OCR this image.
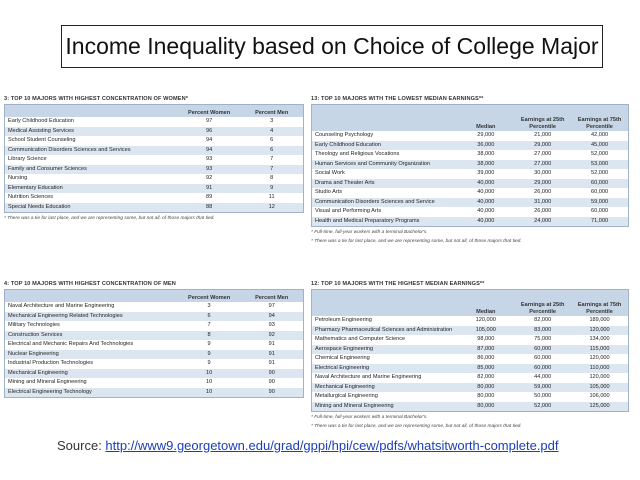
Income Inequality based on Choice of College Major
3: TOP 10 MAJORS WITH HIGHEST CONCENTRATION OF WOMEN*
	Percent Women	Percent Men
Early Childhood Education	97	3
Medical Assisting Services	96	4
School Student Counseling	94	6
Communication Disorders Sciences and Services	94	6
Library Science	93	7
Family and Consumer Sciences	93	7
Nursing	92	8
Elementary Education	91	9
Nutrition Sciences	89	11
Special Needs Education	88	12
* There was a tie for last place, and we are representing some, but not all, of those majors that tied.
4: TOP 10 MAJORS WITH HIGHEST CONCENTRATION OF MEN
	Percent Women	Percent Men
Naval Architecture and Marine Engineering	3	97
Mechanical Engineering Related Technologies	6	94
Military Technologies	7	93
Construction Services	8	92
Electrical and Mechanic Repairs And Technologies	9	91
Nuclear Engineering	9	91
Industrial Production Technologies	9	91
Mechanical Engineering	10	90
Mining and Mineral Engineering	10	90
Electrical Engineering Technology	10	90
13: TOP 10 MAJORS WITH THE LOWEST MEDIAN EARNINGS**
	Median	Earnings at 25th Percentile	Earnings at 75th Percentile
Counseling Psychology	29,000	21,000	42,000
Early Childhood Education	36,000	29,000	45,000
Theology and Religious Vocations	38,000	27,000	52,000
Human Services and Community Organization	38,000	27,000	53,000
Social Work	39,000	30,000	52,000
Drama and Theater Arts	40,000	29,000	60,000
Studio Arts	40,000	26,000	60,000
Communication Disorders Sciences and Service	40,000	31,000	59,000
Visual and Performing Arts	40,000	26,000	60,000
Health and Medical Preparatory Programs	40,000	24,000	71,000
* Full-time, full-year workers with a terminal Bachelor's.
* There was a tie for last place, and we are representing some, but not all, of those majors that tied.
12: TOP 10 MAJORS WITH THE HIGHEST MEDIAN EARNINGS**
	Median	Earnings at 25th Percentile	Earnings at 75th Percentile
Petroleum Engineering	120,000	82,000	189,000
Pharmacy Pharmaceutical Sciences and Administration	105,000	83,000	120,000
Mathematics and Computer Science	98,000	75,000	134,000
Aerospace Engineering	87,000	60,000	115,000
Chemical Engineering	86,000	60,000	120,000
Electrical Engineering	85,000	60,000	110,000
Naval Architecture and Marine Engineering	82,000	44,000	120,000
Mechanical Engineering	80,000	59,000	105,000
Metallurgical Engineering	80,000	50,000	106,000
Mining and Mineral Engineering	80,000	52,000	125,000
* Full-time, full-year workers with a terminal Bachelor's.
* There was a tie for last place, and we are representing some, but not all, of those majors that tied.
Source: http://www9.georgetown.edu/grad/gppi/hpi/cew/pdfs/whatsitworth-complete.pdf
